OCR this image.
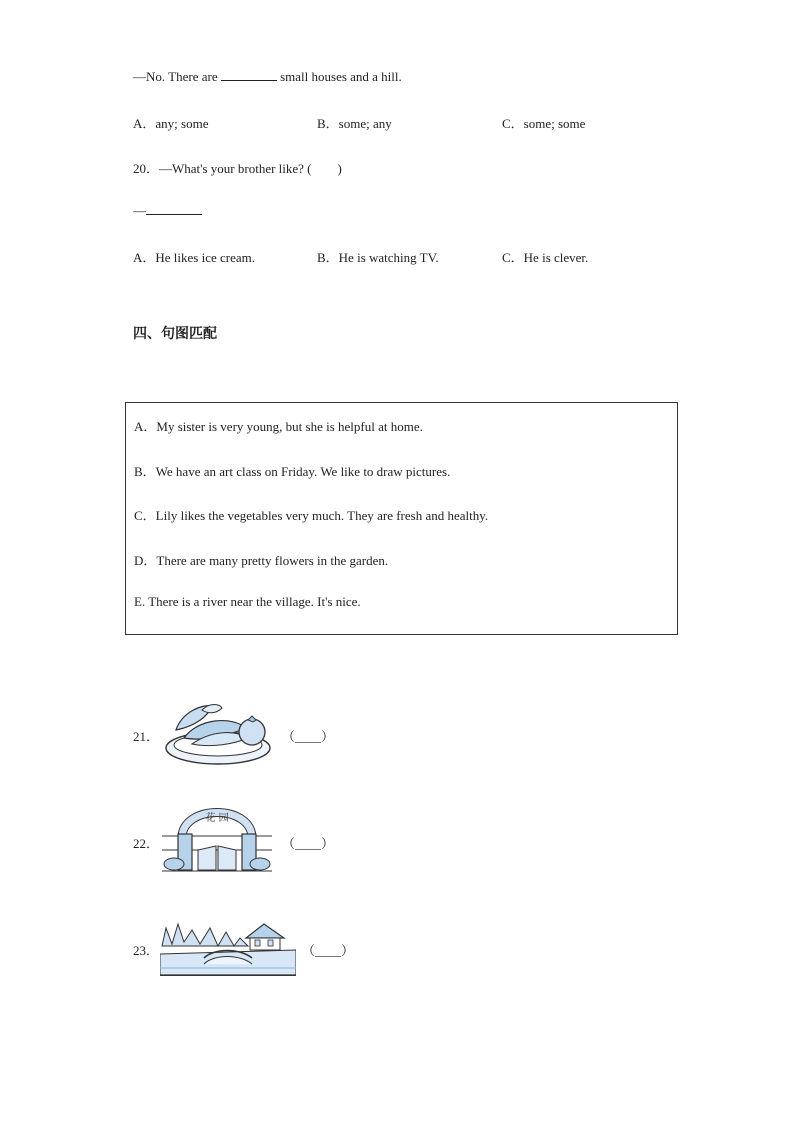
—No. There are	small houses and a hill.
A．any; some	B．some; any	C．some; some
20．—What's your brother like? (　　)
—
A．He likes ice cream.	B．He is watching TV.	C．He is clever.
四、句图匹配
A．My sister is very young, but she is helpful at home.
B．We have an art class on Friday. We like to draw pictures.
C．Lily likes the vegetables very much. They are fresh and healthy.
D．There are many pretty flowers in the garden.
E. There is a river near the village. It's nice.
21．	（____）
22．
花 园
（____）
23．	（____）
